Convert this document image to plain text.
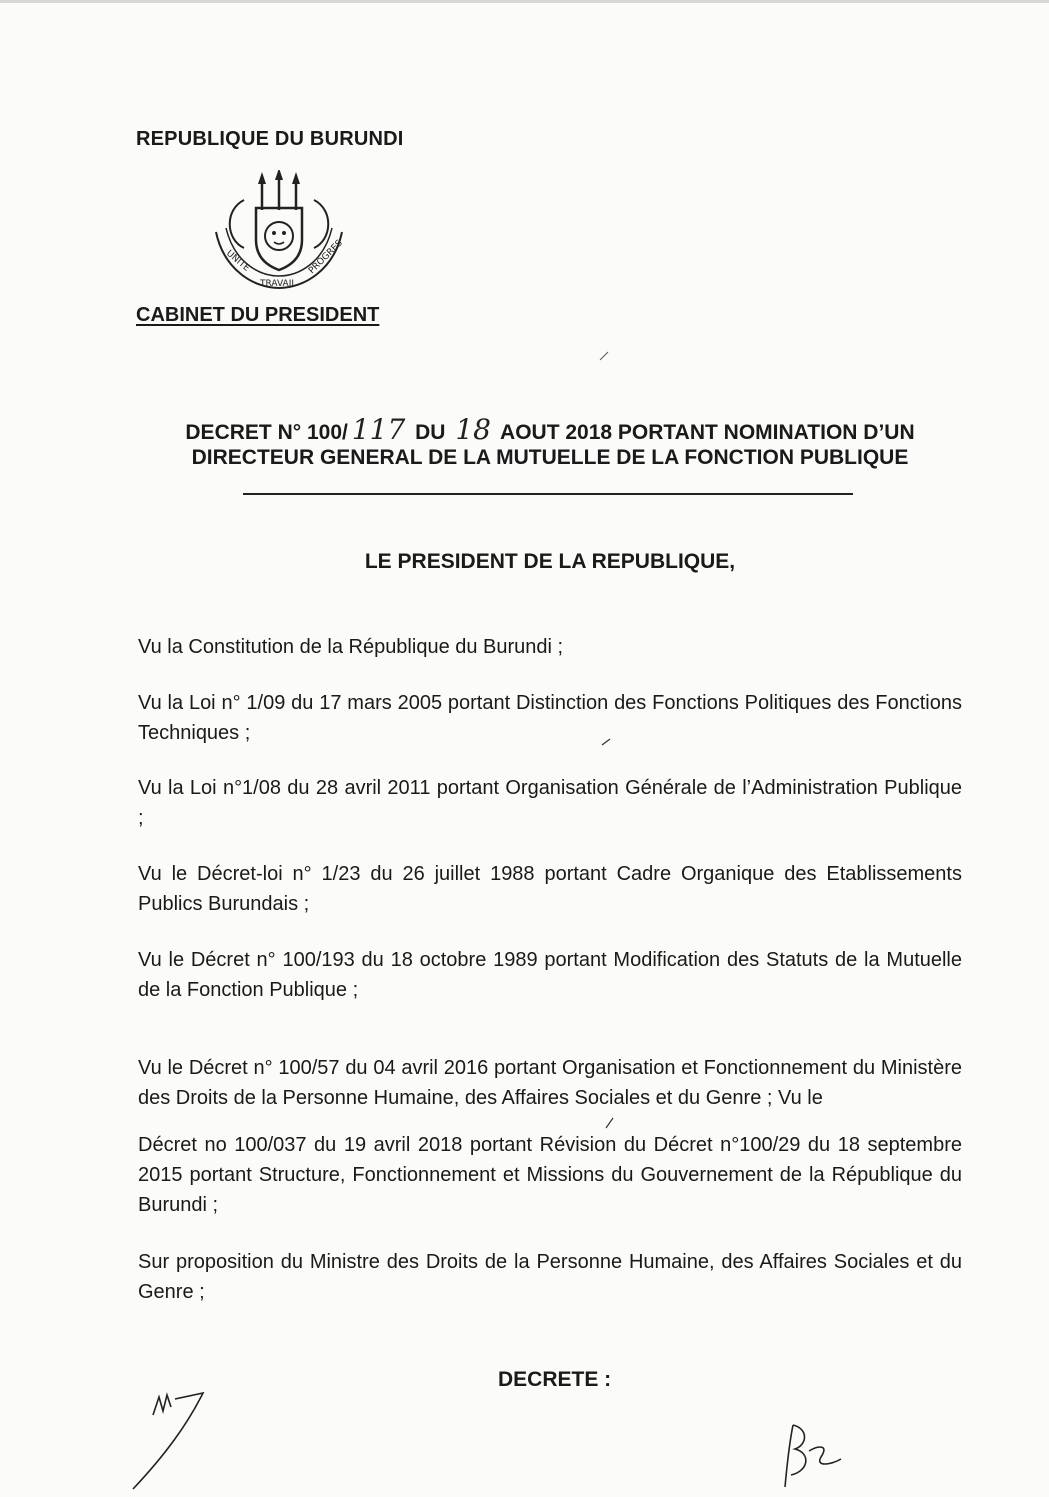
REPUBLIQUE DU BURUNDI
UNITE
TRAVAIL
PROGRES
CABINET DU PRESIDENT
DECRET N° 100/ 117 DU 18 AOUT 2018 PORTANT NOMINATION D’UN
DIRECTEUR GENERAL DE LA MUTUELLE DE LA FONCTION PUBLIQUE
LE PRESIDENT DE LA REPUBLIQUE,
Vu la Constitution de la République du Burundi ;
Vu la Loi n° 1/09 du 17 mars 2005 portant Distinction des Fonctions Politiques des Fonctions Techniques ;
Vu la Loi n°1/08 du 28 avril 2011 portant Organisation Générale de l’Administration Publique ;
Vu le Décret-loi n° 1/23 du 26 juillet 1988 portant Cadre Organique des Etablissements Publics Burundais ;
Vu le Décret n° 100/193 du 18 octobre 1989 portant Modification des Statuts de la Mutuelle de la Fonction Publique ;
Vu le Décret n° 100/57 du 04 avril 2016 portant Organisation et Fonctionnement du Ministère des Droits de la Personne Humaine, des Affaires Sociales et du Genre ; Vu le
Décret no 100/037 du 19 avril 2018 portant Révision du Décret n°100/29 du 18 septembre 2015 portant Structure, Fonctionnement et Missions du Gouvernement de la République du Burundi ;
Sur proposition du Ministre des Droits de la Personne Humaine, des Affaires Sociales et du Genre ;
DECRETE :
